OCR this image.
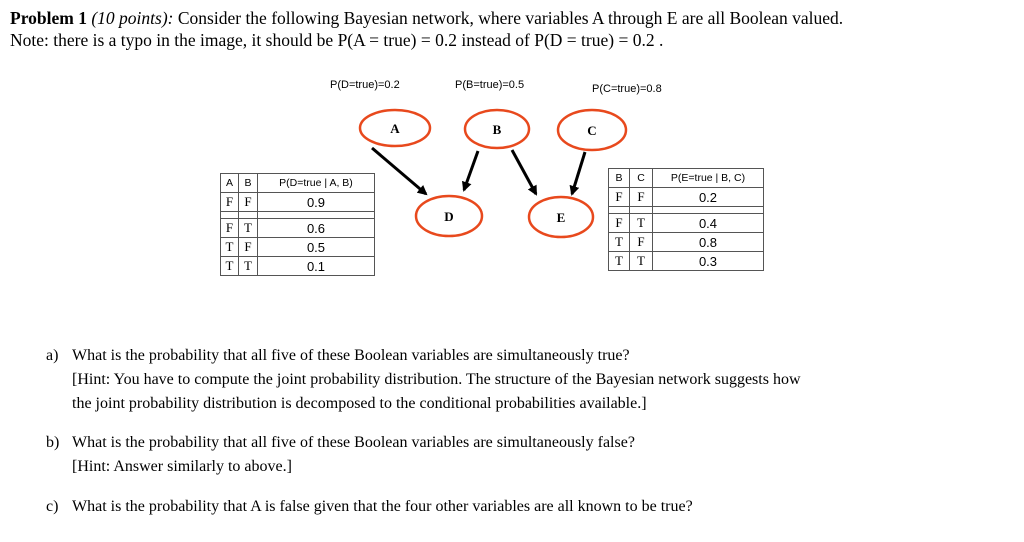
Problem 1 (10 points): Consider the following Bayesian network, where variables A through E are all Boolean valued.
Note: there is a typo in the image, it should be P(A = true) = 0.2 instead of P(D = true) = 0.2 .
P(D=true)=0.2	P(B=true)=0.5	P(C=true)=0.8
A	B	C
D	E
A	B	P(D=true | A, B)
F	F	0.9

F	T	0.6
T	F	0.5
T	T	0.1
B	C	P(E=true | B, C)
F	F	0.2

F	T	0.4
T	F	0.8
T	T	0.3
a) What is the probability that all five of these Boolean variables are simultaneously true?
[Hint: You have to compute the joint probability distribution. The structure of the Bayesian network suggests how
the joint probability distribution is decomposed to the conditional probabilities available.]
b) What is the probability that all five of these Boolean variables are simultaneously false?
[Hint: Answer similarly to above.]
c) What is the probability that A is false given that the four other variables are all known to be true?
